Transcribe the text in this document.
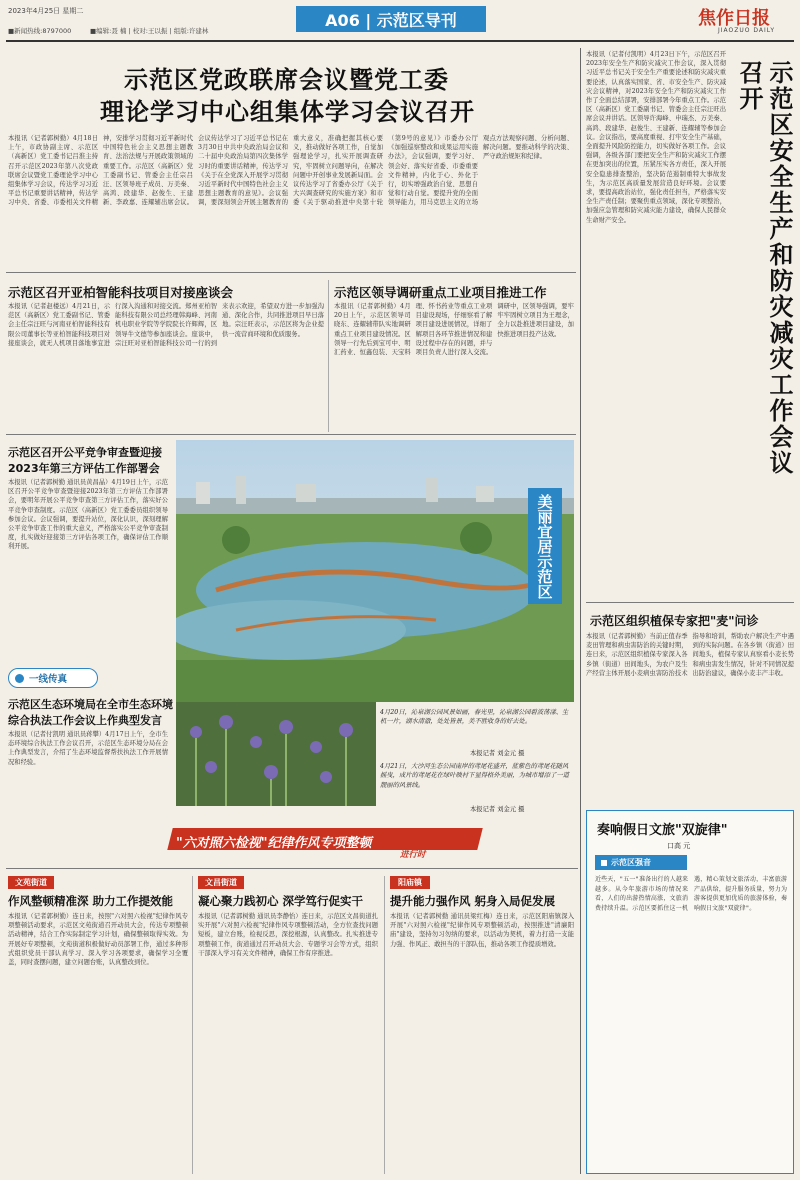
2023年4月25日 星期二
■新闻热线:8797000	■编辑:聂 楠 | 校对:王以振 | 组版:许建林
A06 | 示范区导刊	焦作日报
JIAOZUO DAILY
示范区党政联席会议暨党工委
理论学习中心组集体学习会议召开
本报讯（记者郭树勤）4月18日上午，市政协副主席、示范区（高新区）党工委书记吕淮主持召开示范区2023年第八次党政联席会议暨党工委理论学习中心组集体学习会议，传达学习习近平总书记重要讲话精神，传达学习中央、省委、市委相关文件精神，安排学习贯彻习近平新时代中国特色社会主义思想主题教育、法治法规与开展政策领域的重要工作。示范区（高新区）党工委副书记、管委会主任宗吕汪、区领导班子成员、万美秦、高鸿、段建华、赵俊生、王建新、李政嘉、连耀辅出席会议。会议传达学习了习近平总书记在3月30日中共中央政治局会议和二十届中央政治局第四次集体学习时的重要讲话精神，传达学习《关于在全党深入开展学习贯彻习近平新时代中国特色社会主义思想主题教育的意见》。会议强调，要深刻领会开展主题教育的重大意义，准确把握其核心要义，推动做好各项工作，自觉加强理论学习，扎实开展调查研究，牢固树立问题导向，在解决问题中开创事业发展新局面。会议传达学习了省委办公厅《关于大兴调查研究的实施方案》和市委《关于驱动推进中央第十轮（第9号的意见）》市委办公厅《加强巡察整改和成果运用实施办法》，会议强调，要学习好、领会好、落实好省委、市委重要文件精神，内化于心、外化于行，切实增强政治自觉、思想自觉和行动自觉。要提升党的全面领导能力，用马克思主义的立场观点方法观察问题、分析问题、解决问题。要推动科学的决策、严守政治规矩和纪律。
示范区召开亚柏智能科技项目对接座谈会
本报讯（记者赵楼远）4月21日，示范区（高新区）党工委副书记、管委会主任宗汪旺与河南亚柏智能科技有限公司董事长等亚柏智能科技项目对接座谈会，就无人机项目落地事宜进行深入沟通和对接交流。郑州亚柏智能科技有限公司总经理韩海峰、河南机电职业学院等学院院长许辉辉，区领导牛文德等参加座谈会。座谈中，宗汪旺对亚柏智能科技公司一行的到来表示欢迎，希望双方进一步加强沟通、深化合作，共同推进项目早日落地。宗汪旺表示，示范区将为企业提供一流营商环境和优质服务。
示范区领导调研重点工业项目推进工作
本报讯（记者郭树勤）4月20日上午，示范区领导司晓东、连耀辅带队实地调研重点工业项目建设情况。区领导一行先后到宝可中、明汇药业、恒鑫包装、天宝料理、怀书药业等重点工业项目建设现场，仔细察看了解项目建设进展情况，详细了解项目各环节推进情况和建设过程中存在的问题，并与项目负责人进行深入交流。调研中，区领导强调，要牢牢牢固树立项目为王理念，全力以赴推进项目建设，加快推进项目投产达效。
示范区召开公平竞争审查暨迎接
2023年第三方评估工作部署会
本报讯（记者郭树勤 通讯员黄昌晶）4月19日上午，示范区召开公平竞争审查暨迎接2023年第三方评估工作部署会，要明年开展公平竞争审查第三方评估工作，落实好公平竞争审查制度。示范区（高新区）党工委委员组织领导参加会议。会议强调，要提升站位，深化认识，深刻理解公平竞争审查工作的重大意义，严格落实公平竞争审查制度，扎实做好迎接第三方评估各项工作，确保评估工作顺利开展。
一线传真
示范区生态环境局在全市生态环境
综合执法工作会议上作典型发言
本报讯（记者付凯明 通讯员蒋攀）4月17日上午，全市生态环境综合执法工作会议召开，示范区生态环境分局在会上作典型发言，介绍了生态环境监督帮扶执法工作开展情况和经验。
美丽宜居示范区
4月20日，沁泉湖公园风景如画，春光里，沁泉湖公园碧波荡漾、生机一片，湖水清澈，处处皆景，美不胜收身的好去处。
本报记者 刘金元 摄
4月21日，大沙河生态公园南岸的鸢尾花盛开，蓝紫色的鸢尾花随风摇曳，成片的鸢尾花在绿叶映衬下显得格外美丽，为城市增添了一道靓丽的风景线。
本报记者 刘金元 摄
"六对照六检视"纪律作风专项整顿
进行时
文苑街道
作风整顿精准深 助力工作提效能
本报讯（记者郭树勤）连日来，按照"六对照六检视"纪律作风专项整顿活动要求，示范区文苑街道召开动员大会，传达专项整顿活动精神，结合工作实际制定学习计划，确保整顿取得实效。为开展好专项整顿，文苑街道积极做好动员部署工作，通过多种形式组织党员干部认真学习、深入学习各项要求，确保学习全覆盖，同时查摆问题，建立问题台账，认真整改到位。
文昌街道
凝心聚力践初心 深学笃行促实干
本报讯（记者郭树勤 通讯员李静怡）连日来，示范区文昌街道扎实开展"六对照六检视"纪律作风专项整顿活动，全方位查找问题短板，建立台账，检视反思，深挖根源，认真整改。扎实推进专项整顿工作，街道通过召开动员大会、专题学习会等方式，组织干部深入学习有关文件精神，确保工作有序推进。
阳庙镇
提升能力强作风 躬身入局促发展
本报讯（记者郭树勤 通讯员梁红梅）连日来，示范区阳庙镇深入开展"六对照六检视"纪律作风专项整顿活动，按照推进"清廉阳庙"建设，坚持勿习勿纳的要求，以活动为契机，着力打造一支能力强、作风正、敢担当的干部队伍，推动各项工作提质增效。
本报讯（记者付凯明）4月23日下午，示范区召开2023年安全生产和防灾减灾工作会议，深入贯彻习近平总书记关于安全生产重要论述和防灾减灾重要论述，认真落实国家、省、市安全生产、防灾减灾会议精神，对2023年安全生产和防灾减灾工作作了全面总结部署，安排部署今年重点工作。示范区（高新区）党工委副书记、管委会主任宗汪旺出席会议并讲话。区领导许海峰、申瑞杰、万美秦、高鸿、段建华、赵俊生、王建新、连耀辅等参加会议。会议指出，要高度重视、打牢安全生产基础，全面提升风险防控能力，切实做好各项工作。会议强调，各级各部门要把安全生产和防灾减灾工作摆在更加突出的位置，压紧压实各方责任，深入开展安全隐患排查整治，坚决防范遏制重特大事故发生，为示范区高质量发展营造良好环境。会议要求，要提高政治站位，强化责任担当，严格落实安全生产责任制；要聚焦重点领域，深化专项整治，加强应急管理和防灾减灾能力建设，确保人民群众生命财产安全。	示范区安全生产和防灾减灾工作会议召开
示范区组织植保专家把"麦"问诊
本报讯（记者郭树勤）当前正值春季麦田管理和病虫害防治的关键时期，连日来，示范区组织植保专家深入各乡镇（街道）田间地头，为农户及生产经营主体开展小麦病虫害防治技术指导和培训，帮助农户解决生产中遇到的实际问题。在各乡镇（街道）田间地头，植保专家认真察看小麦长势和病虫害发生情况，针对不同情况提出防治建议，确保小麦丰产丰收。
奏响假日文旅"双旋律"
口高 元
示范区强音
近些天，"五一"准备出行的人越来越多。从今年旅游市场的情况来看，人们的出游热情高涨，文旅消费持续升温。示范区要抓住这一机遇，精心策划文旅活动，丰富旅游产品供给，提升服务质量，努力为游客提供更加优质的旅游体验，奏响假日文旅"双旋律"。
